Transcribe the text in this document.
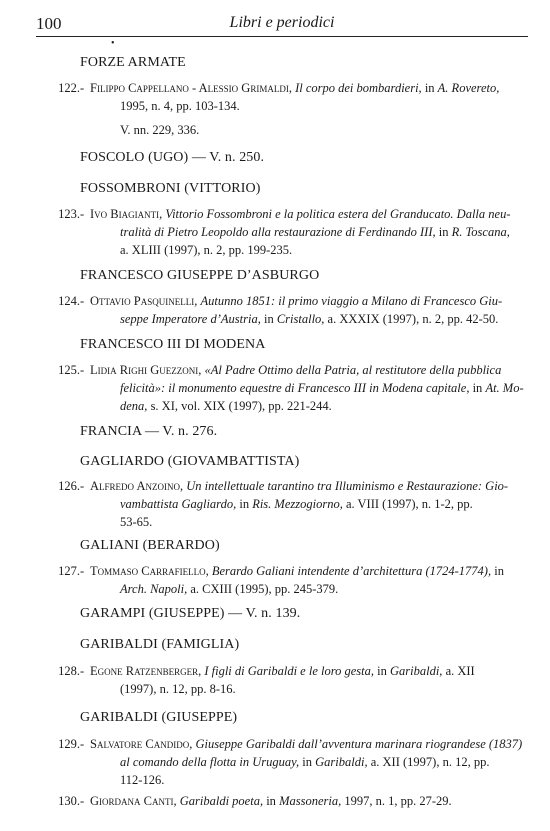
100	Libri e periodici
•
FORZE ARMATE
122. - Filippo Cappellano - Alessio Grimaldi, Il corpo dei bombardieri, in A. Rovereto,
1995, n. 4, pp. 103-134.
V. nn. 229, 336.
FOSCOLO (UGO) — V. n. 250.
FOSSOMBRONI (VITTORIO)
123. - Ivo Biagianti, Vittorio Fossombroni e la politica estera del Granducato. Dalla neu-
tralità di Pietro Leopoldo alla restaurazione di Ferdinando III, in R. Toscana,
a. XLIII (1997), n. 2, pp. 199-235.
FRANCESCO GIUSEPPE D’ASBURGO
124. - Ottavio Pasquinelli, Autunno 1851: il primo viaggio a Milano di Francesco Giu-
seppe Imperatore d’Austria, in Cristallo, a. XXXIX (1997), n. 2, pp. 42-50.
FRANCESCO III DI MODENA
125. - Lidia Righi Guezzoni, «Al Padre Ottimo della Patria, al restitutore della pubblica
felicità»: il monumento equestre di Francesco III in Modena capitale, in At. Mo-
dena, s. XI, vol. XIX (1997), pp. 221-244.
FRANCIA — V. n. 276.
GAGLIARDO (GIOVAMBATTISTA)
126. - Alfredo Anzoino, Un intellettuale tarantino tra Illuminismo e Restaurazione: Gio-
vambattista Gagliardo, in Ris. Mezzogiorno, a. VIII (1997), n. 1-2, pp.
53-65.
GALIANI (BERARDO)
127. - Tommaso Carrafiello, Berardo Galiani intendente d’architettura (1724-1774), in
Arch. Napoli, a. CXIII (1995), pp. 245-379.
GARAMPI (GIUSEPPE) — V. n. 139.
GARIBALDI (FAMIGLIA)
128. - Egone Ratzenberger, I figli di Garibaldi e le loro gesta, in Garibaldi, a. XII
(1997), n. 12, pp. 8-16.
GARIBALDI (GIUSEPPE)
129. - Salvatore Candido, Giuseppe Garibaldi dall’avventura marinara riograndese (1837)
al comando della flotta in Uruguay, in Garibaldi, a. XII (1997), n. 12, pp.
112-126.
130. - Giordana Canti, Garibaldi poeta, in Massoneria, 1997, n. 1, pp. 27-29.
